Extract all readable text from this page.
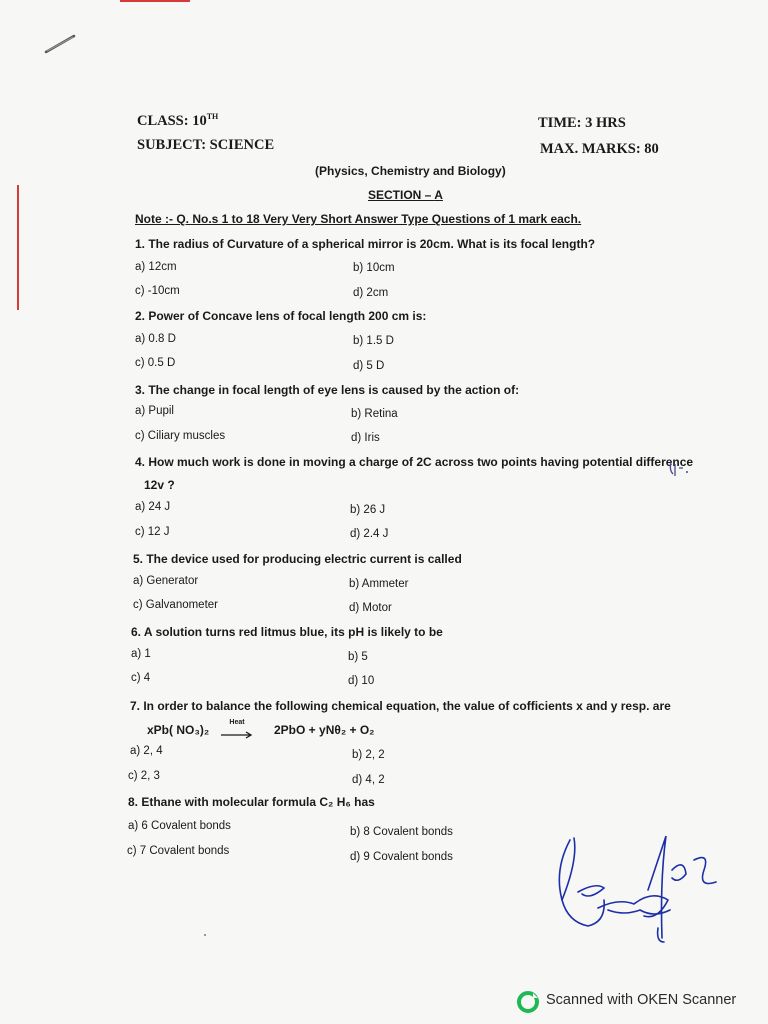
CLASS: 10TH	TIME: 3 HRS
SUBJECT: SCIENCE	MAX. MARKS: 80
(Physics, Chemistry and Biology)
SECTION – A
Note :- Q. No.s 1 to 18 Very Very Short Answer Type Questions of 1 mark each.
1. The radius of Curvature of a spherical mirror is 20cm. What is its focal length?
a) 12cm	b) 10cm
c) -10cm	d) 2cm
2. Power of Concave lens of focal length 200 cm is:
a) 0.8 D	b) 1.5 D
c) 0.5 D	d) 5 D
3. The change in focal length of eye lens is caused by the action of:
a) Pupil	b) Retina
c) Ciliary muscles	d) Iris
4. How much work is done in moving a charge of 2C across two points having potential difference
12v ?
a) 24 J	b) 26 J
c) 12 J	d) 2.4 J
5. The device used for producing electric current is called
a) Generator	b) Ammeter
c) Galvanometer	d) Motor
6. A solution turns red litmus blue, its pH is likely to be
a) 1	b) 5
c) 4	d) 10
7. In order to balance the following chemical equation, the value of cofficients x and y resp. are
xPb( NO₃)₂
Heat
2PbO + yNθ₂ + O₂
a) 2, 4	b) 2, 2
c) 2, 3	d) 4, 2
8. Ethane with molecular formula C₂ H₆ has
a) 6 Covalent bonds	b) 8 Covalent bonds
c) 7 Covalent bonds	d) 9 Covalent bonds
Scanned with OKEN Scanner
